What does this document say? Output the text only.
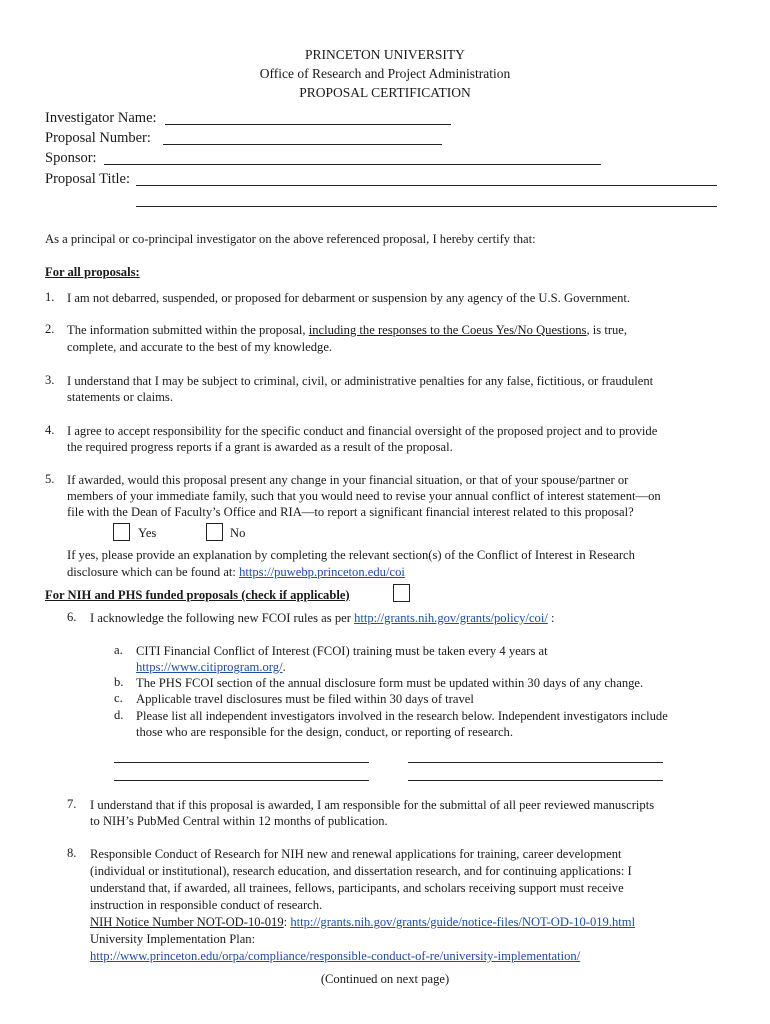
PRINCETON UNIVERSITY
Office of Research and Project Administration
PROPOSAL CERTIFICATION
Investigator Name:
Proposal Number:
Sponsor:
Proposal Title:
As a principal or co-principal investigator on the above referenced proposal, I hereby certify that:
For all proposals:
1. I am not debarred, suspended, or proposed for debarment or suspension by any agency of the U.S. Government.
2. The information submitted within the proposal, including the responses to the Coeus Yes/No Questions, is true,
complete, and accurate to the best of my knowledge.
3. I understand that I may be subject to criminal, civil, or administrative penalties for any false, fictitious, or fraudulent
statements or claims.
4. I agree to accept responsibility for the specific conduct and financial oversight of the proposed project and to provide
the required progress reports if a grant is awarded as a result of the proposal.
5. If awarded, would this proposal present any change in your financial situation, or that of your spouse/partner or
members of your immediate family, such that you would need to revise your annual conflict of interest statement—on
file with the Dean of Faculty’s Office and RIA—to report a significant financial interest related to this proposal?
Yes	No
If yes, please provide an explanation by completing the relevant section(s) of the Conflict of Interest in Research
disclosure which can be found at: https://puwebp.princeton.edu/coi
For NIH and PHS funded proposals (check if applicable)
6. I acknowledge the following new FCOI rules as per http://grants.nih.gov/grants/policy/coi/ :
a. CITI Financial Conflict of Interest (FCOI) training must be taken every 4 years at
https://www.citiprogram.org/.
b. The PHS FCOI section of the annual disclosure form must be updated within 30 days of any change.
c. Applicable travel disclosures must be filed within 30 days of travel
d. Please list all independent investigators involved in the research below. Independent investigators include
those who are responsible for the design, conduct, or reporting of research.
7. I understand that if this proposal is awarded, I am responsible for the submittal of all peer reviewed manuscripts
to NIH’s PubMed Central within 12 months of publication.
8. Responsible Conduct of Research for NIH new and renewal applications for training, career development
(individual or institutional), research education, and dissertation research, and for continuing applications: I
understand that, if awarded, all trainees, fellows, participants, and scholars receiving support must receive
instruction in responsible conduct of research.
NIH Notice Number NOT-OD-10-019: http://grants.nih.gov/grants/guide/notice-files/NOT-OD-10-019.html
University Implementation Plan:
http://www.princeton.edu/orpa/compliance/responsible-conduct-of-re/university-implementation/
(Continued on next page)
